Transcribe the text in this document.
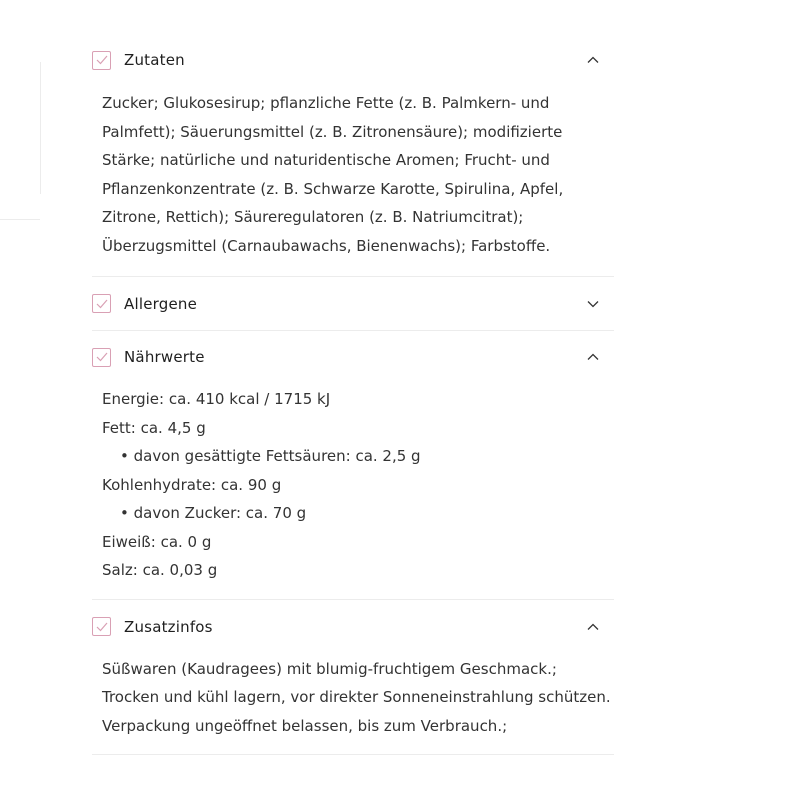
Zutaten

Zucker; Glukosesirup; pflanzliche Fette (z. B. Palmkern- und Palmfett); Säuerungsmittel (z. B. Zitronensäure); modifizierte Stärke; natürliche und naturidentische Aromen; Frucht- und Pflanzenkonzentrate (z. B. Schwarze Karotte, Spirulina, Apfel, Zitrone, Rettich); Säureregulatoren (z. B. Natriumcitrat); Überzugsmittel (Carnaubawachs, Bienenwachs); Farbstoffe.

Allergene
Nährwerte

Energie: ca. 410 kcal / 1715 kJ

Fett: ca. 4,5 g

• davon gesättigte Fettsäuren: ca. 2,5 g

Kohlenhydrate: ca. 90 g

• davon Zucker: ca. 70 g

Eiweiß: ca. 0 g

Salz: ca. 0,03 g

Zusatzinfos

Süßwaren (Kaudragees) mit blumig-fruchtigem Geschmack.; Trocken und kühl lagern, vor direkter Sonneneinstrahlung schützen. Verpackung ungeöffnet belassen, bis zum Verbrauch.;
